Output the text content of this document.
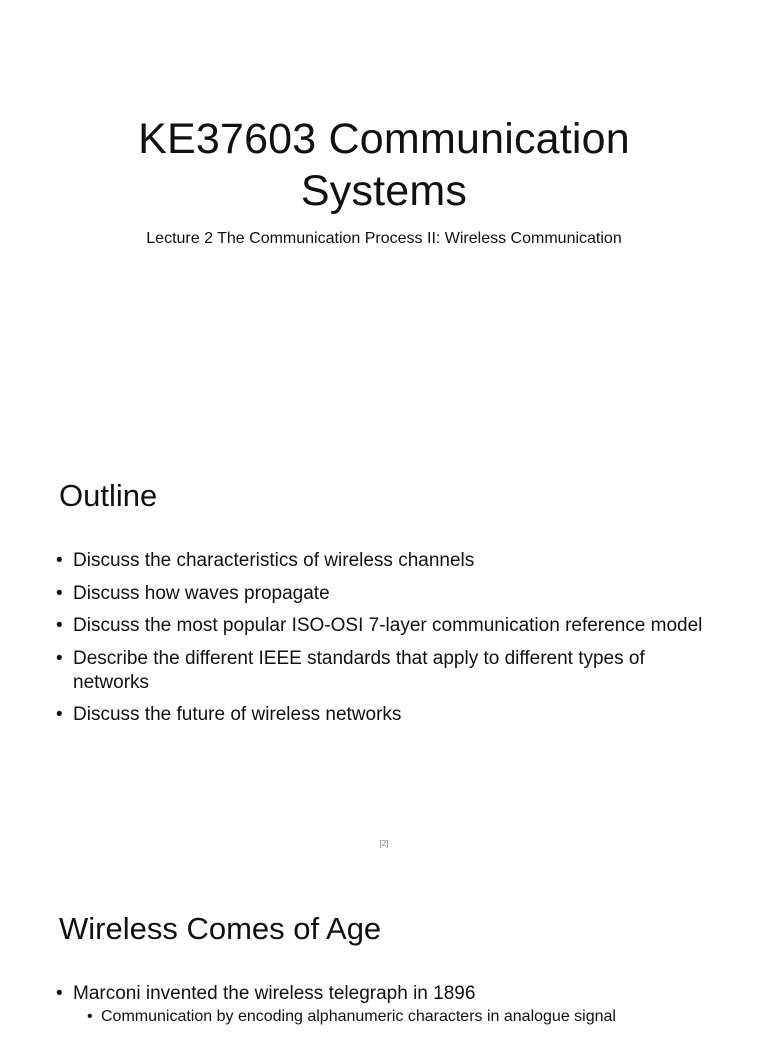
KE37603 Communication
Systems

Lecture 2 The Communication Process II: Wireless Communication

Outline
• Discuss the characteristics of wireless channels
• Discuss how waves propagate
• Discuss the most popular ISO-OSI 7-layer communication reference model
• Describe the different IEEE standards that apply to different types of networks
• Discuss the future of wireless networks
[2]
Wireless Comes of Age
• Marconi invented the wireless telegraph in 1896
• Communication by encoding alphanumeric characters in analogue signal
